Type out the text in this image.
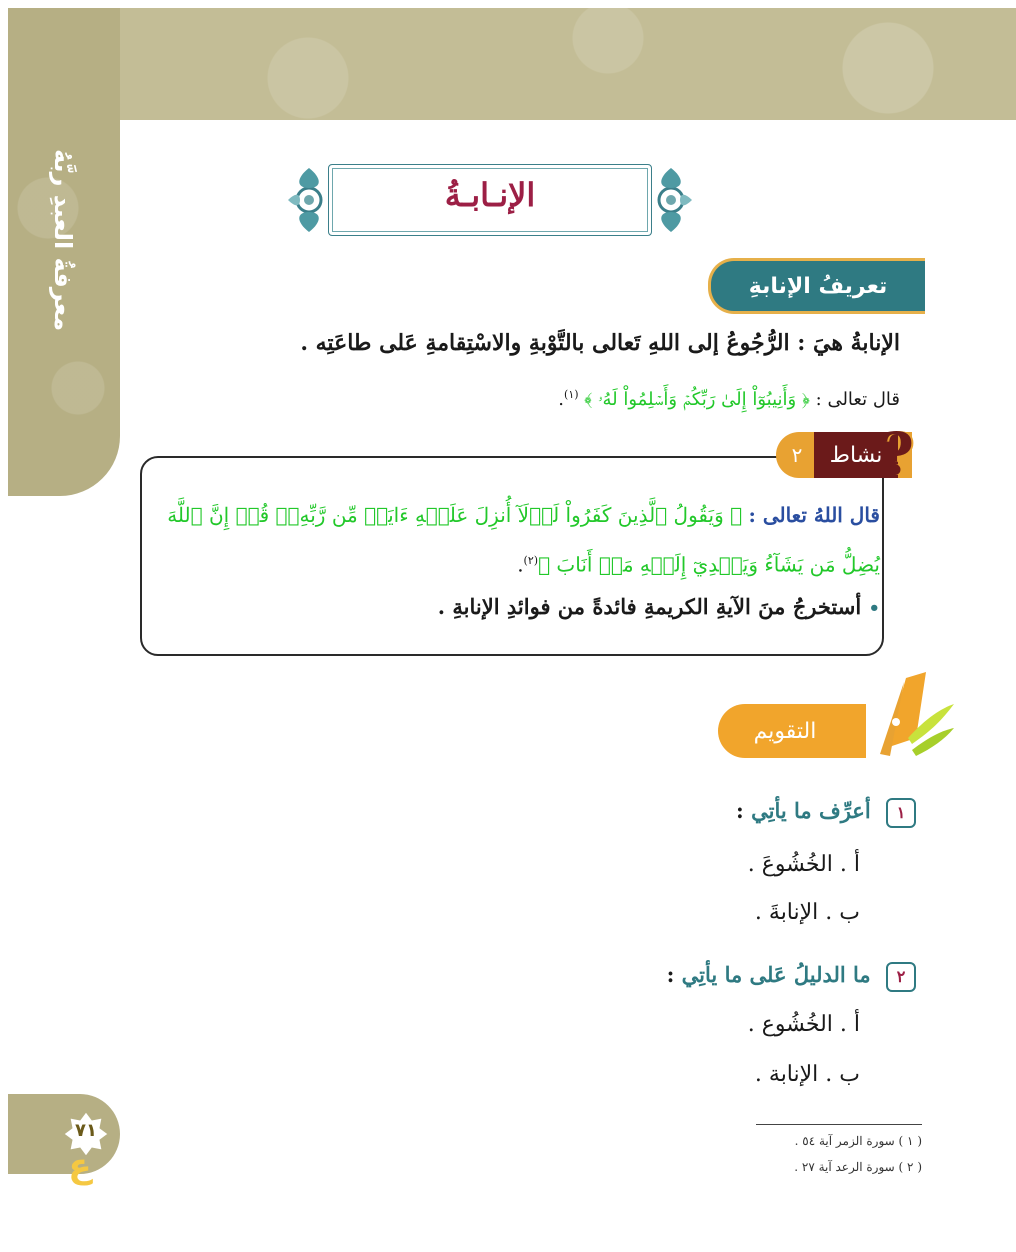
معرفةُ العبدِ ربَّهُ	الإنـابـةُ
تعريفُ الإنابةِ
الإنابةُ هيَ : الرُّجُوعُ إلى اللهِ تَعالى بالتَّوْبةِ والاسْتِقامةِ عَلى طاعَتِه .
قال تعالى : ﴿ وَأَنِيبُوٓاْ إِلَىٰ رَبِّكُمۡ وَأَسۡلِمُواْ لَهُۥ ﴾ $^{(١)}$.
٢	نشاط
?
قال اللهُ تعالى : ﴿ وَيَقُولُ ٱلَّذِينَ كَفَرُواْ لَوۡلَآ أُنزِلَ عَلَيۡهِ ءَايَةٞ مِّن رَّبِّهِۦۚ قُلۡ إِنَّ ٱللَّهَ يُضِلُّ مَن يَشَآءُ وَيَهۡدِيٓ إِلَيۡهِ مَنۡ أَنَابَ ﴾$^{(٢)}$.
• أستخرجُ منَ الآيةِ الكريمةِ فائدةً من فوائدِ الإنابةِ .
التقويم
١ أعرِّف ما يأتِي :
أ . الخُشُوعَ .
ب . الإنابةَ .
٢ ما الدليلُ عَلى ما يأتِي :
أ . الخُشُوع .
ب . الإنابة .
( ١ ) سورة الزمر آية ٥٤ .
( ٢ ) سورة الرعد آية ٢٧ .
٧١
ع
